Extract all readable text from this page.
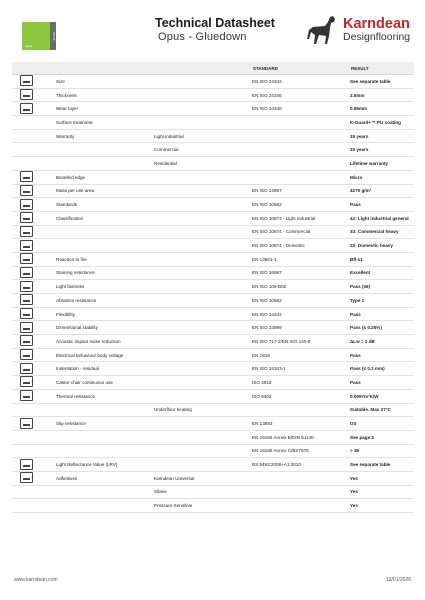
Opus
OPUS
Technical Datasheet
Opus - Gluedown
Karndean
Designflooring
			STANDARD	RESULT
	Size		EN ISO 24342	See separate table
	Thickness		EN ISO 24346	2.5mm
	Wear layer		EN ISO 24340	0.55mm
	Surface treatment			K-Guard+™ PU coating
	Warranty	Light industrial		15 years
		Commercial		15 years
		Residential		Lifetime warranty
	Bevelled edge			Micro
	Mass per unit area		EN ISO 23997	4270 g/m²
	Standards		EN ISO 10582	Pass
	Classification		EN ISO 10874 - Light industrial	42: Light industrial general
			EN ISO 10874 - Commercial	33: Commercial heavy
			EN ISO 10874 - Domestic	23: Domestic heavy
	Reaction to fire		EN 13501-1	Bfl-s1
	Staining resistance		EN ISO 26987	Excellent
	Light fastness		EN ISO 105-B02	Pass (≥6)
	Abrasion resistance		EN ISO 10582	Type 1
	Flexibility		EN ISO 24344	Pass
	Dimensional stability		EN ISO 23999	Pass (≤ 0.25%)
	Acoustic impact noise reduction		EN ISO 717-2/EN ISO 140-8	ΔLw = 2 dB
	Electrical behaviour body voltage		EN 1815	Pass
	Indentation - residual		EN ISO 24343-1	Pass (≤ 0.1 mm)
	Castor chair continuous use		ISO 4918	Pass
	Thermal resistance		ISO 8302	0.0097m²K/W
		Underfloor heating		Suitable. Max 27°C
	Slip resistance		EN 13893	DS
			EN 16165 Annex B/DIN 51130	See page 2
			EN 16165 Annex C/BS7976	> 36
	Light Reflectance Value (LRV)		BS 8493:2008+A1:2010	See separate table
	Adhesives	Karndean Universal		Yes
		Silane		Yes
		Pressure Sensitive		Yes
www.karndean.com	13/01/2026
